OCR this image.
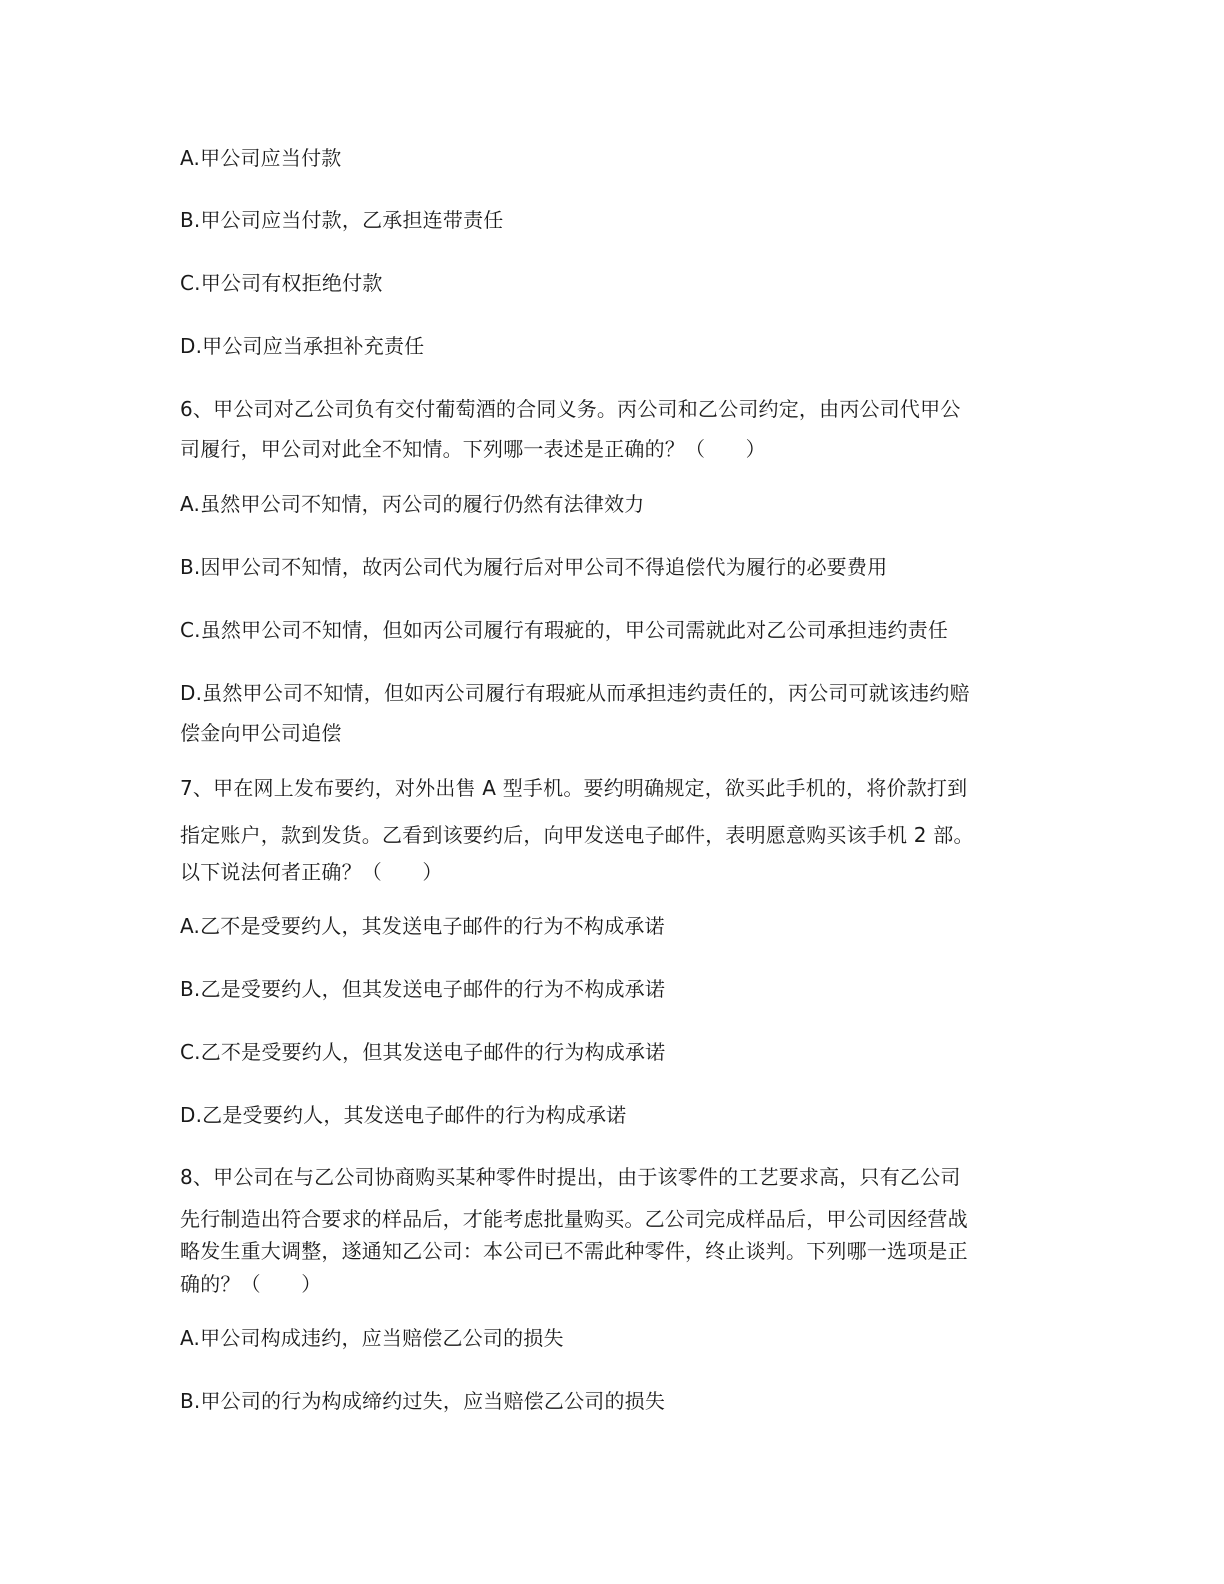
A.甲公司应当付款
B.甲公司应当付款，乙承担连带责任
C.甲公司有权拒绝付款
D.甲公司应当承担补充责任
6、甲公司对乙公司负有交付葡萄酒的合同义务。丙公司和乙公司约定，由丙公司代甲公
司履行，甲公司对此全不知情。下列哪一表述是正确的？（　　）
A.虽然甲公司不知情，丙公司的履行仍然有法律效力
B.因甲公司不知情，故丙公司代为履行后对甲公司不得追偿代为履行的必要费用
C.虽然甲公司不知情，但如丙公司履行有瑕疵的，甲公司需就此对乙公司承担违约责任
D.虽然甲公司不知情，但如丙公司履行有瑕疵从而承担违约责任的，丙公司可就该违约赔
偿金向甲公司追偿
7、甲在网上发布要约，对外出售 A 型手机。要约明确规定，欲买此手机的，将价款打到
指定账户，款到发货。乙看到该要约后，向甲发送电子邮件，表明愿意购买该手机 2 部。
以下说法何者正确？（　　）
A.乙不是受要约人，其发送电子邮件的行为不构成承诺
B.乙是受要约人，但其发送电子邮件的行为不构成承诺
C.乙不是受要约人，但其发送电子邮件的行为构成承诺
D.乙是受要约人，其发送电子邮件的行为构成承诺
8、甲公司在与乙公司协商购买某种零件时提出，由于该零件的工艺要求高，只有乙公司
先行制造出符合要求的样品后，才能考虑批量购买。乙公司完成样品后，甲公司因经营战
略发生重大调整，遂通知乙公司：本公司已不需此种零件，终止谈判。下列哪一选项是正
确的？（　　）
A.甲公司构成违约，应当赔偿乙公司的损失
B.甲公司的行为构成缔约过失，应当赔偿乙公司的损失
